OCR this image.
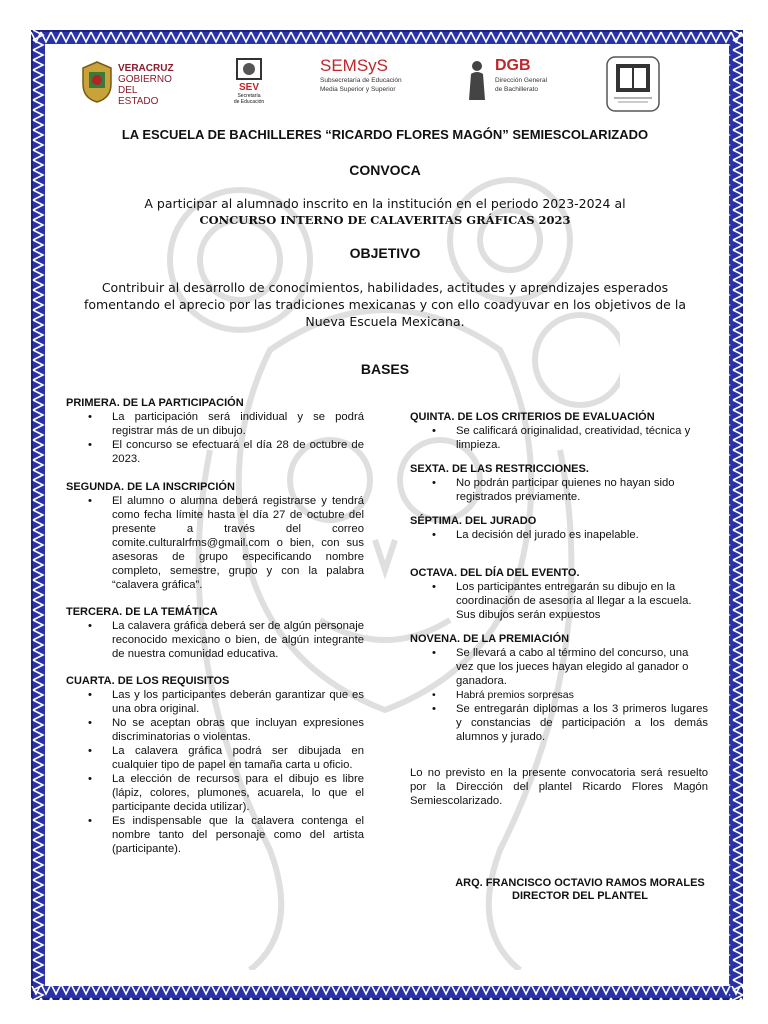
VERACRUZ
GOBIERNO
DEL ESTADO
SEV
Secretaría
de Educación
SEMSyS
Subsecretaría de Educación
Media Superior y Superior
DGB
Dirección General
de Bachillerato
LA ESCUELA DE BACHILLERES “RICARDO FLORES MAGÓN” SEMIESCOLARIZADO
CONVOCA
A participar al alumnado inscrito en la institución en el periodo 2023-2024 al
CONCURSO INTERNO DE CALAVERITAS GRÁFICAS 2023
OBJETIVO
Contribuir al desarrollo de conocimientos, habilidades, actitudes y aprendizajes esperados fomentando el aprecio por las tradiciones mexicanas y con ello coadyuvar en los objetivos de la Nueva Escuela Mexicana.
BASES

PRIMERA. DE LA PARTICIPACIÓN

• La participación será individual y se podrá registrar más de un dibujo.
• El concurso se efectuará el día 28 de octubre de 2023.

SEGUNDA. DE LA INSCRIPCIÓN

• El alumno o alumna deberá registrarse y tendrá como fecha límite hasta el día 27 de octubre del presente a través del correo comite.culturalrfms@gmail.com o bien, con sus asesoras de grupo especificando nombre completo, semestre, grupo y con la palabra “calavera gráfica”.

TERCERA. DE LA TEMÁTICA

• La calavera gráfica deberá ser de algún personaje reconocido mexicano o bien, de algún integrante de nuestra comunidad educativa.

CUARTA. DE LOS REQUISITOS

• Las y los participantes deberán garantizar que es una obra original.
• No se aceptan obras que incluyan expresiones discriminatorias o violentas.
• La calavera gráfica podrá ser dibujada en cualquier tipo de papel en tamaña carta u oficio.
• La elección de recursos para el dibujo es libre (lápiz, colores, plumones, acuarela, lo que el participante decida utilizar).
• Es indispensable que la calavera contenga el nombre tanto del personaje como del artista (participante).

QUINTA. DE LOS CRITERIOS DE EVALUACIÓN

• Se calificará originalidad, creatividad, técnica y limpieza.

SEXTA. DE LAS RESTRICCIONES.

• No podrán participar quienes no hayan sido registrados previamente.

SÉPTIMA. DEL JURADO

• La decisión del jurado es inapelable.

OCTAVA. DEL DÍA DEL EVENTO.

• Los participantes entregarán su dibujo en la coordinación de asesoría al llegar a la escuela. Sus dibujos serán expuestos

NOVENA. DE LA PREMIACIÓN

• Se llevará a cabo al término del concurso, una vez que los jueces hayan elegido al ganador o ganadora.
• Habrá premios sorpresas
• Se entregarán diplomas a los 3 primeros lugares y constancias de participación a los demás alumnos y jurado.

Lo no previsto en la presente convocatoria será resuelto por la Dirección del plantel Ricardo Flores Magón Semiescolarizado.

ARQ. FRANCISCO OCTAVIO RAMOS MORALES
DIRECTOR DEL PLANTEL
